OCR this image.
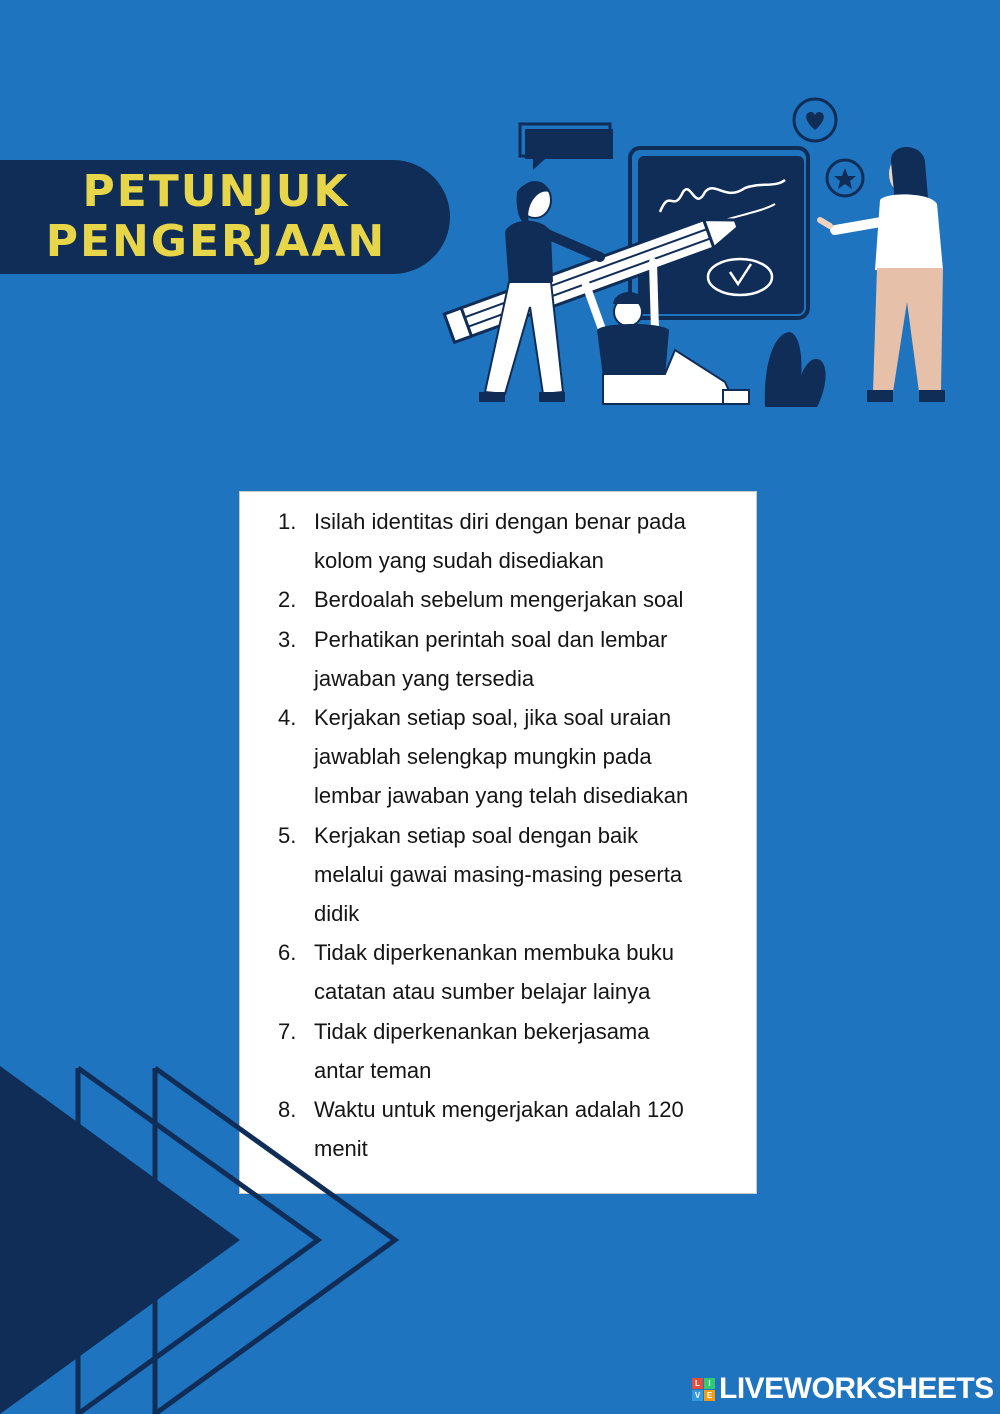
PETUNJUK
PENGERJAAN
1. Isilah identitas diri dengan benar pada
kolom yang sudah disediakan
2. Berdoalah sebelum mengerjakan soal
3. Perhatikan perintah soal dan lembar
jawaban yang tersedia
4. Kerjakan setiap soal, jika soal uraian
jawablah selengkap mungkin pada
lembar jawaban yang telah disediakan
5. Kerjakan setiap soal dengan baik
melalui gawai masing-masing peserta
didik
6. Tidak diperkenankan membuka buku
catatan atau sumber belajar lainya
7. Tidak diperkenankan bekerjasama
antar teman
8. Waktu untuk mengerjakan adalah 120
menit
L	I
V E LIVEWORKSHEETS
